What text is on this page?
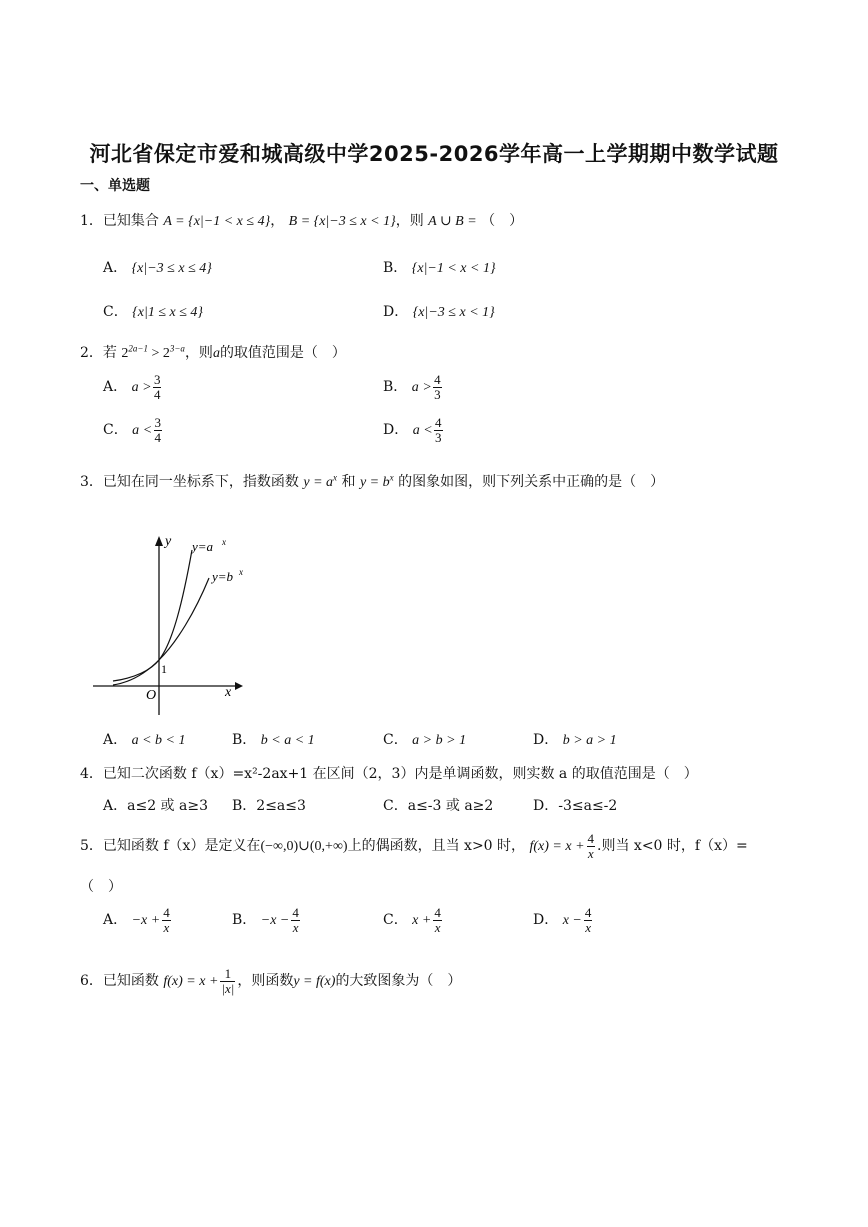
河北省保定市爱和城高级中学2025-2026学年高一上学期期中数学试题
一、单选题
1．已知集合 A = {x|−1 < x ≤ 4}， B = {x|−3 ≤ x < 1}，则 A ∪ B = （　）
A． {x|−3 ≤ x ≤ 4}	B． {x|−1 < x < 1}
C． {x|1 ≤ x ≤ 4}	D． {x|−3 ≤ x < 1}
2．若 $2^{2a-1} > 2^{3-a}$，则a的取值范围是（　）
A． $a > \frac{3}{4}$	B． $a > \frac{4}{3}$
C． $a < \frac{3}{4}$	D． $a < \frac{4}{3}$
3．已知在同一坐标系下，指数函数 $y = a^x$ 和 $y = b^x$ 的图象如图，则下列关系中正确的是（　）
y
x
O
1
y=a x
y=b x
A． a < b < 1	B． b < a < 1	C． a > b > 1	D． b > a > 1
4．已知二次函数 f（x）=x²-2ax+1 在区间（2，3）内是单调函数，则实数 a 的取值范围是（　）
A．a≤2 或 a≥3 B．2≤a≤3	C．a≤-3 或 a≥2	D．-3≤a≤-2
5．已知函数 f（x）是定义在(−∞,0)∪(0,+∞)上的偶函数，且当 x>0 时， $f(x) = x + \frac{4}{x}$ .则当 x<0 时，f（x）=
（　）
A． $-x + \frac{4}{x}$	B． $-x - \frac{4}{x}$	C． $x + \frac{4}{x}$	D． $x - \frac{4}{x}$
6．已知函数 $f(x) = x + \frac{1}{|x|}$ ，则函数y = f(x)的大致图象为（　）
